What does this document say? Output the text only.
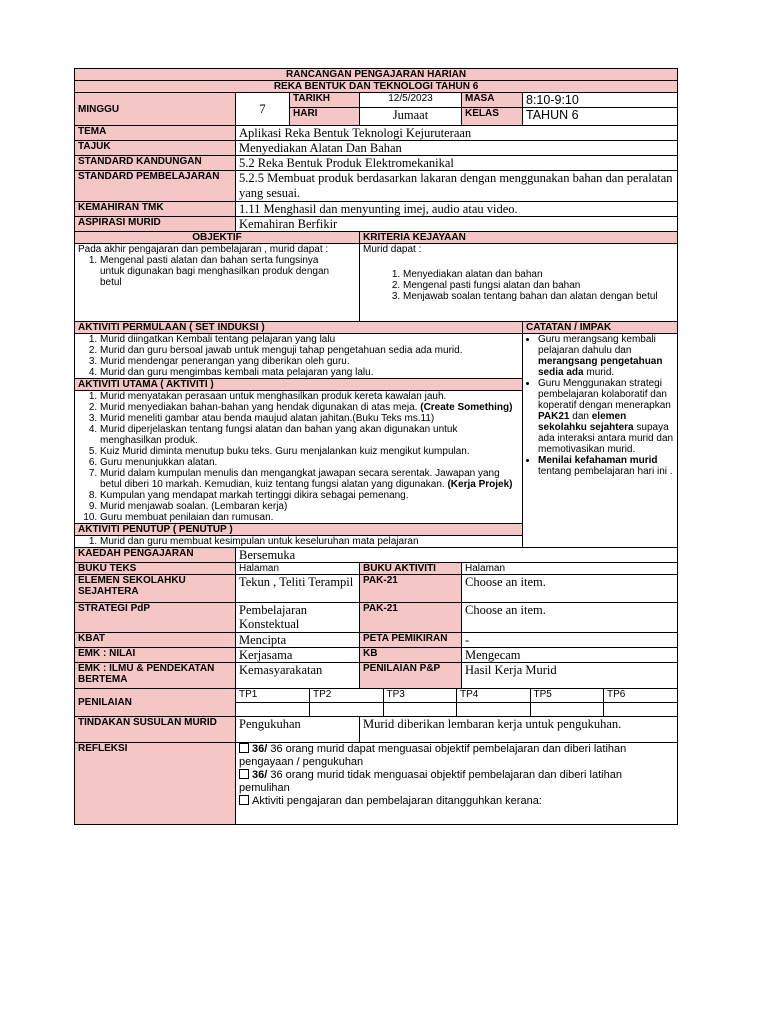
RANCANGAN PENGAJARAN HARIAN
REKA BENTUK DAN TEKNOLOGI TAHUN 6
MINGGU	7	TARIKH	12/5/2023	MASA	8:10-9:10
HARI	Jumaat	KELAS	TAHUN 6
TEMA	Aplikasi Reka Bentuk Teknologi Kejuruteraan
TAJUK	Menyediakan Alatan Dan Bahan
STANDARD KANDUNGAN	5.2 Reka Bentuk Produk Elektromekanikal
STANDARD PEMBELAJARAN	5.2.5 Membuat produk berdasarkan lakaran dengan menggunakan bahan dan peralatan yang sesuai.
KEMAHIRAN TMK	1.11 Menghasil dan menyunting imej, audio atau video.
ASPIRASI MURID	Kemahiran Berfikir
OBJEKTIF	KRITERIA KEJAYAAN

Pada akhir pengajaran dan pembelajaran , murid dapat :
1. Mengenal pasti alatan dan bahan serta fungsinya untuk digunakan bagi menghasilkan produk dengan betul

Murid dapat :
1. Menyediakan alatan dan bahan
2. Mengenal pasti fungsi alatan dan bahan
3. Menjawab soalan tentang bahan dan alatan dengan betul

AKTIVITI PERMULAAN ( SET INDUKSI )	CATATAN / IMPAK

1. Murid diingatkan Kembali tentang pelajaran yang lalu
2. Murid dan guru bersoal jawab untuk menguji tahap pengetahuan sedia ada murid.
3. Murid mendengar penerangan yang diberikan oleh guru.
4. Murid dan guru mengimbas kembali mata pelajaran yang lalu.

AKTIVITI UTAMA ( AKTIVITI )

1. Murid menyatakan perasaan untuk menghasilkan produk kereta kawalan jauh.
2. Murid menyediakan bahan-bahan yang hendak digunakan di atas meja. (Create Something)
3. Murid meneliti gambar atau benda maujud alatan jahitan.(Buku Teks ms.11)
4. Murid diperjelaskan tentang fungsi alatan dan bahan yang akan digunakan untuk menghasilkan produk.
5. Kuiz Murid diminta menutup buku teks. Guru menjalankan kuiz mengikut kumpulan.
6. Guru menunjukkan alatan.
7. Murid dalam kumpulan menulis dan mengangkat jawapan secara serentak. Jawapan yang betul diberi 10 markah. Kemudian, kuiz tentang fungsi alatan yang digunakan. (Kerja Projek)
8. Kumpulan yang mendapat markah tertinggi dikira sebagai pemenang.
9. Murid menjawab soalan. (Lembaran kerja)
10. Guru membuat penilaian dan rumusan.

AKTIVITI PENUTUP ( PENUTUP )

1. Murid dan guru membuat kesimpulan untuk keseluruhan mata pelajaran

• Guru merangsang kembali pelajaran dahulu dan merangsang pengetahuan sedia ada murid.
• Guru Menggunakan strategi pembelajaran kolaboratif dan koperatif dengan menerapkan PAK21 dan elemen sekolahku sejahtera supaya ada interaksi antara murid dan memotivasikan murid.
• Menilai kefahaman murid tentang pembelajaran hari ini .

KAEDAH PENGAJARAN	Bersemuka
BUKU TEKS	Halaman	BUKU AKTIVITI	Halaman
ELEMEN SEKOLAHKU SEJAHTERA	Tekun , Teliti Terampil	PAK-21	Choose an item.
STRATEGI PdP	Pembelajaran Konstektual	PAK-21	Choose an item.
KBAT	Mencipta	PETA PEMIKIRAN	-
EMK : NILAI	Kerjasama	KB	Mengecam
EMK : ILMU & PENDEKATAN BERTEMA	Kemasyarakatan	PENILAIAN P&P	Hasil Kerja Murid
PENILAIAN	
TP1	TP2	TP3	TP4	TP5	TP6

TINDAKAN SUSULAN MURID	Pengukuhan	Murid diberikan lembaran kerja untuk pengukuhan.
REFLEKSI	36/ 36 orang murid dapat menguasai objektif pembelajaran dan diberi latihan pengayaan / pengukuhan
36/ 36 orang murid tidak menguasai objektif pembelajaran dan diberi latihan pemulihan
Aktiviti pengajaran dan pembelajaran ditangguhkan kerana:
